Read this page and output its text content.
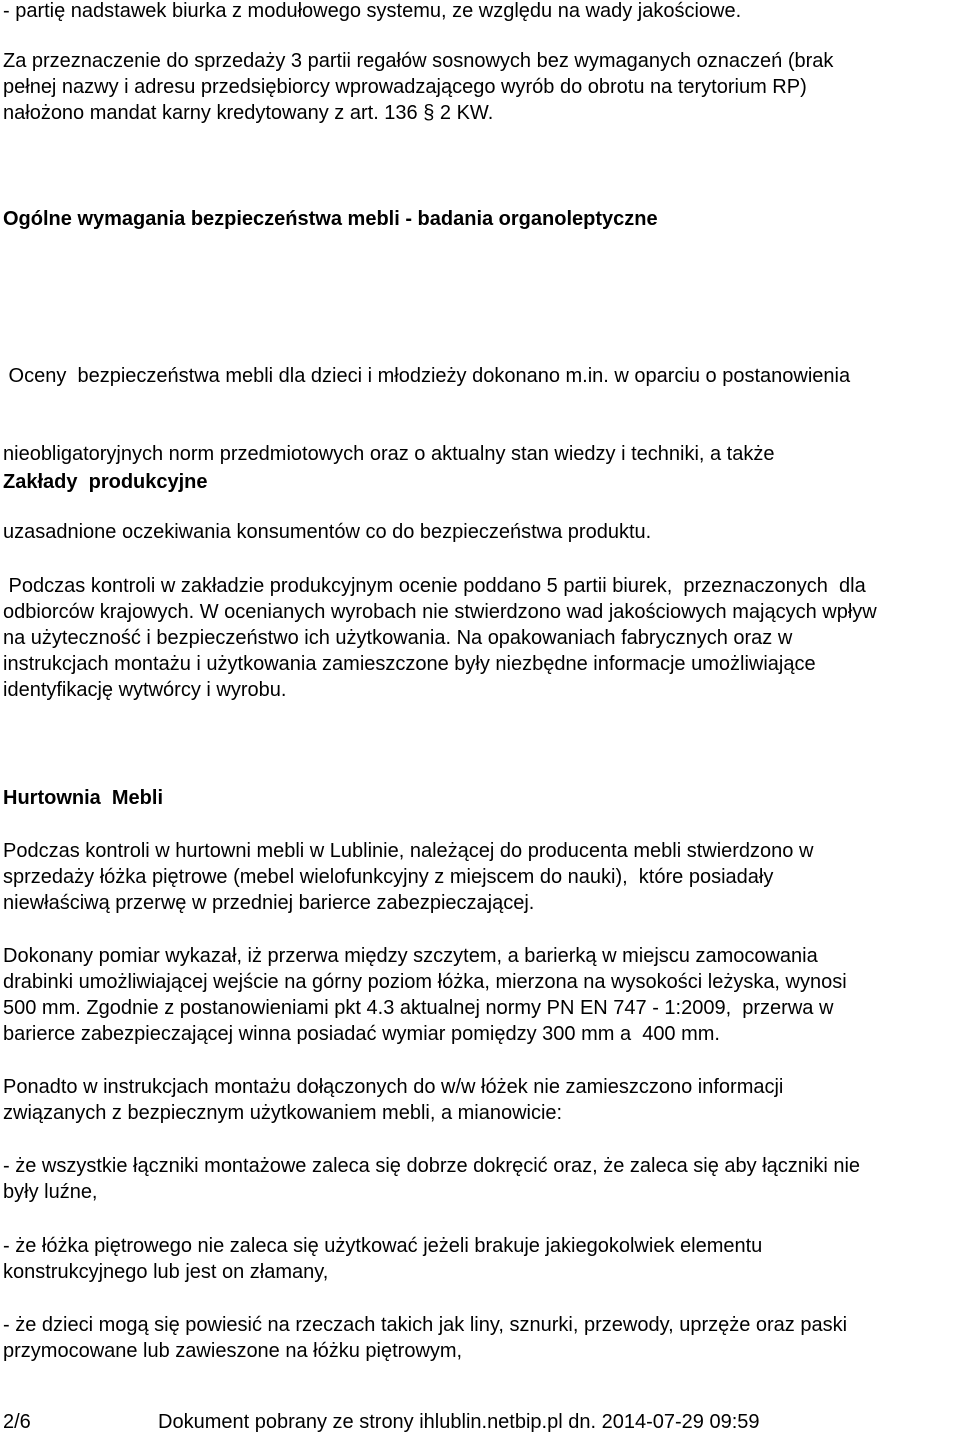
- partię nadstawek biurka z modułowego systemu, ze względu na wady jakościowe.

Za przeznaczenie do sprzedaży 3 partii regałów sosnowych bez wymaganych oznaczeń (brak
pełnej nazwy i adresu przedsiębiorcy wprowadzającego wyrób do obrotu na terytorium RP)
nałożono mandat karny kredytowany z art. 136 § 2 KW.

Ogólne wymagania bezpieczeństwa mebli - badania organoleptyczne

Oceny  bezpieczeństwa mebli dla dzieci i młodzieży dokonano m.in. w oparciu o postanowienia

nieobligatoryjnych norm przedmiotowych oraz o aktualny stan wiedzy i techniki, a także

uzasadnione oczekiwania konsumentów co do bezpieczeństwa produktu.

Zakłady  produkcyjne

Podczas kontroli w zakładzie produkcyjnym ocenie poddano 5 partii biurek,  przeznaczonych  dla
odbiorców krajowych. W ocenianych wyrobach nie stwierdzono wad jakościowych mających wpływ
na użyteczność i bezpieczeństwo ich użytkowania. Na opakowaniach fabrycznych oraz w
instrukcjach montażu i użytkowania zamieszczone były niezbędne informacje umożliwiające
identyfikację wytwórcy i wyrobu.

Hurtownia  Mebli

Podczas kontroli w hurtowni mebli w Lublinie, należącej do producenta mebli stwierdzono w
sprzedaży łóżka piętrowe (mebel wielofunkcyjny z miejscem do nauki),  które posiadały
niewłaściwą przerwę w przedniej barierce zabezpieczającej.

Dokonany pomiar wykazał, iż przerwa między szczytem, a barierką w miejscu zamocowania
drabinki umożliwiającej wejście na górny poziom łóżka, mierzona na wysokości leżyska, wynosi
500 mm. Zgodnie z postanowieniami pkt 4.3 aktualnej normy PN EN 747 - 1:2009,  przerwa w
barierce zabezpieczającej winna posiadać wymiar pomiędzy 300 mm a  400 mm.

Ponadto w instrukcjach montażu dołączonych do w/w łóżek nie zamieszczono informacji
związanych z bezpiecznym użytkowaniem mebli, a mianowicie:

- że wszystkie łączniki montażowe zaleca się dobrze dokręcić oraz, że zaleca się aby łączniki nie
były luźne,

- że łóżka piętrowego nie zaleca się użytkować jeżeli brakuje jakiegokolwiek elementu
konstrukcyjnego lub jest on złamany,

- że dzieci mogą się powiesić na rzeczach takich jak liny, sznurki, przewody, uprzęże oraz paski
przymocowane lub zawieszone na łóżku piętrowym,

2/6	Dokument pobrany ze strony ihlublin.netbip.pl dn. 2014-07-29 09:59
